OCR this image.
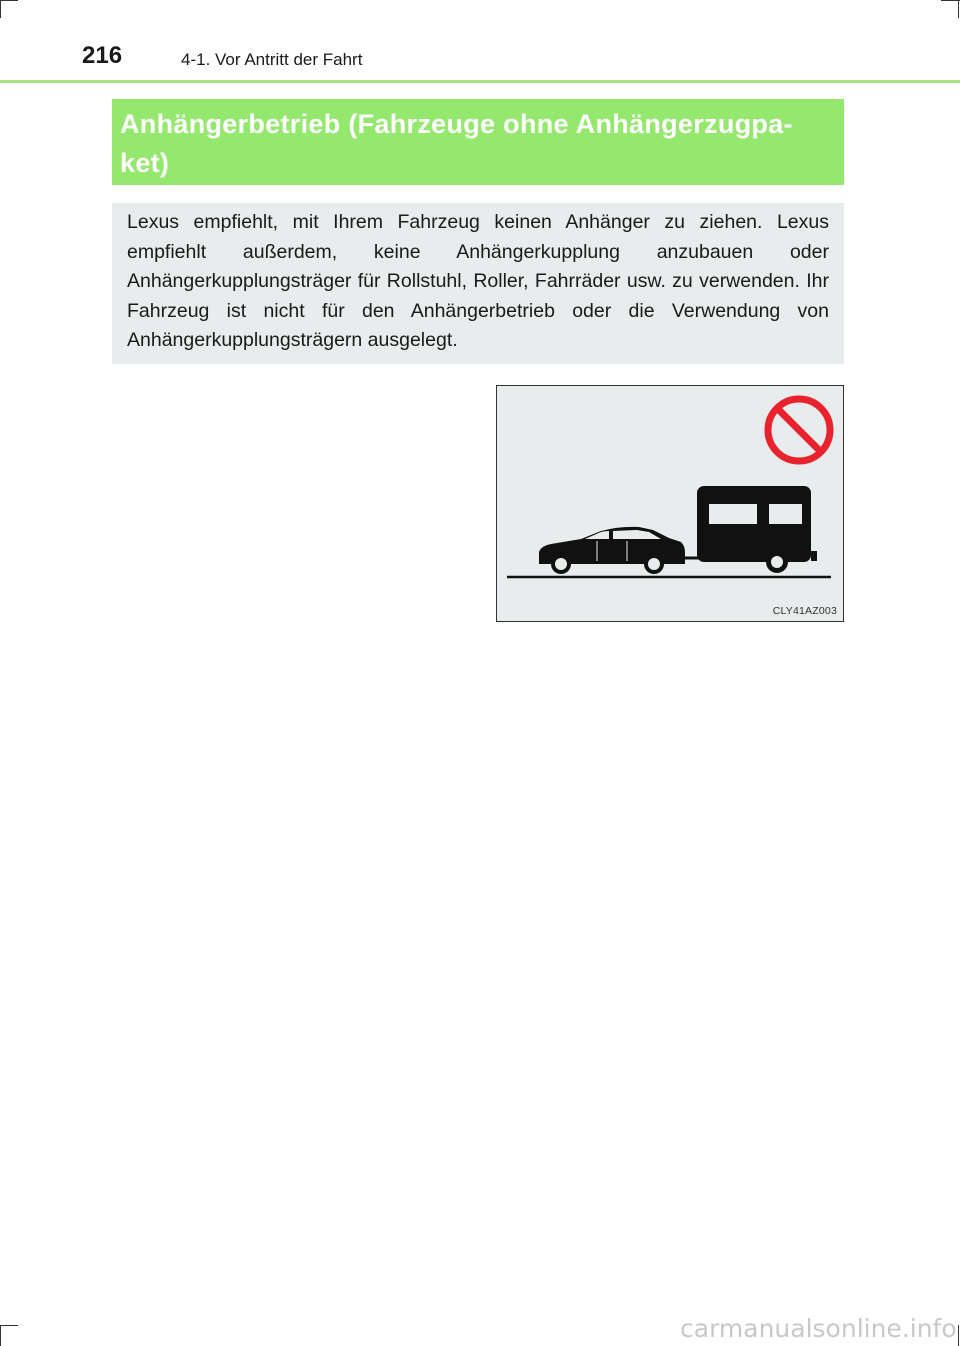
216	4-1. Vor Antritt der Fahrt

Anhängerbetrieb (Fahrzeuge ohne Anhängerzugpa-
ket)

Lexus empfiehlt, mit Ihrem Fahrzeug keinen Anhänger zu ziehen. Lexus empfiehlt außerdem, keine Anhängerkupplung anzubauen oder Anhängerkupplungsträger für Rollstuhl, Roller, Fahrräder usw. zu verwenden. Ihr Fahrzeug ist nicht für den Anhängerbetrieb oder die Verwendung von Anhängerkupplungsträgern ausgelegt.

CLY41AZ003
carmanualsonline.info
